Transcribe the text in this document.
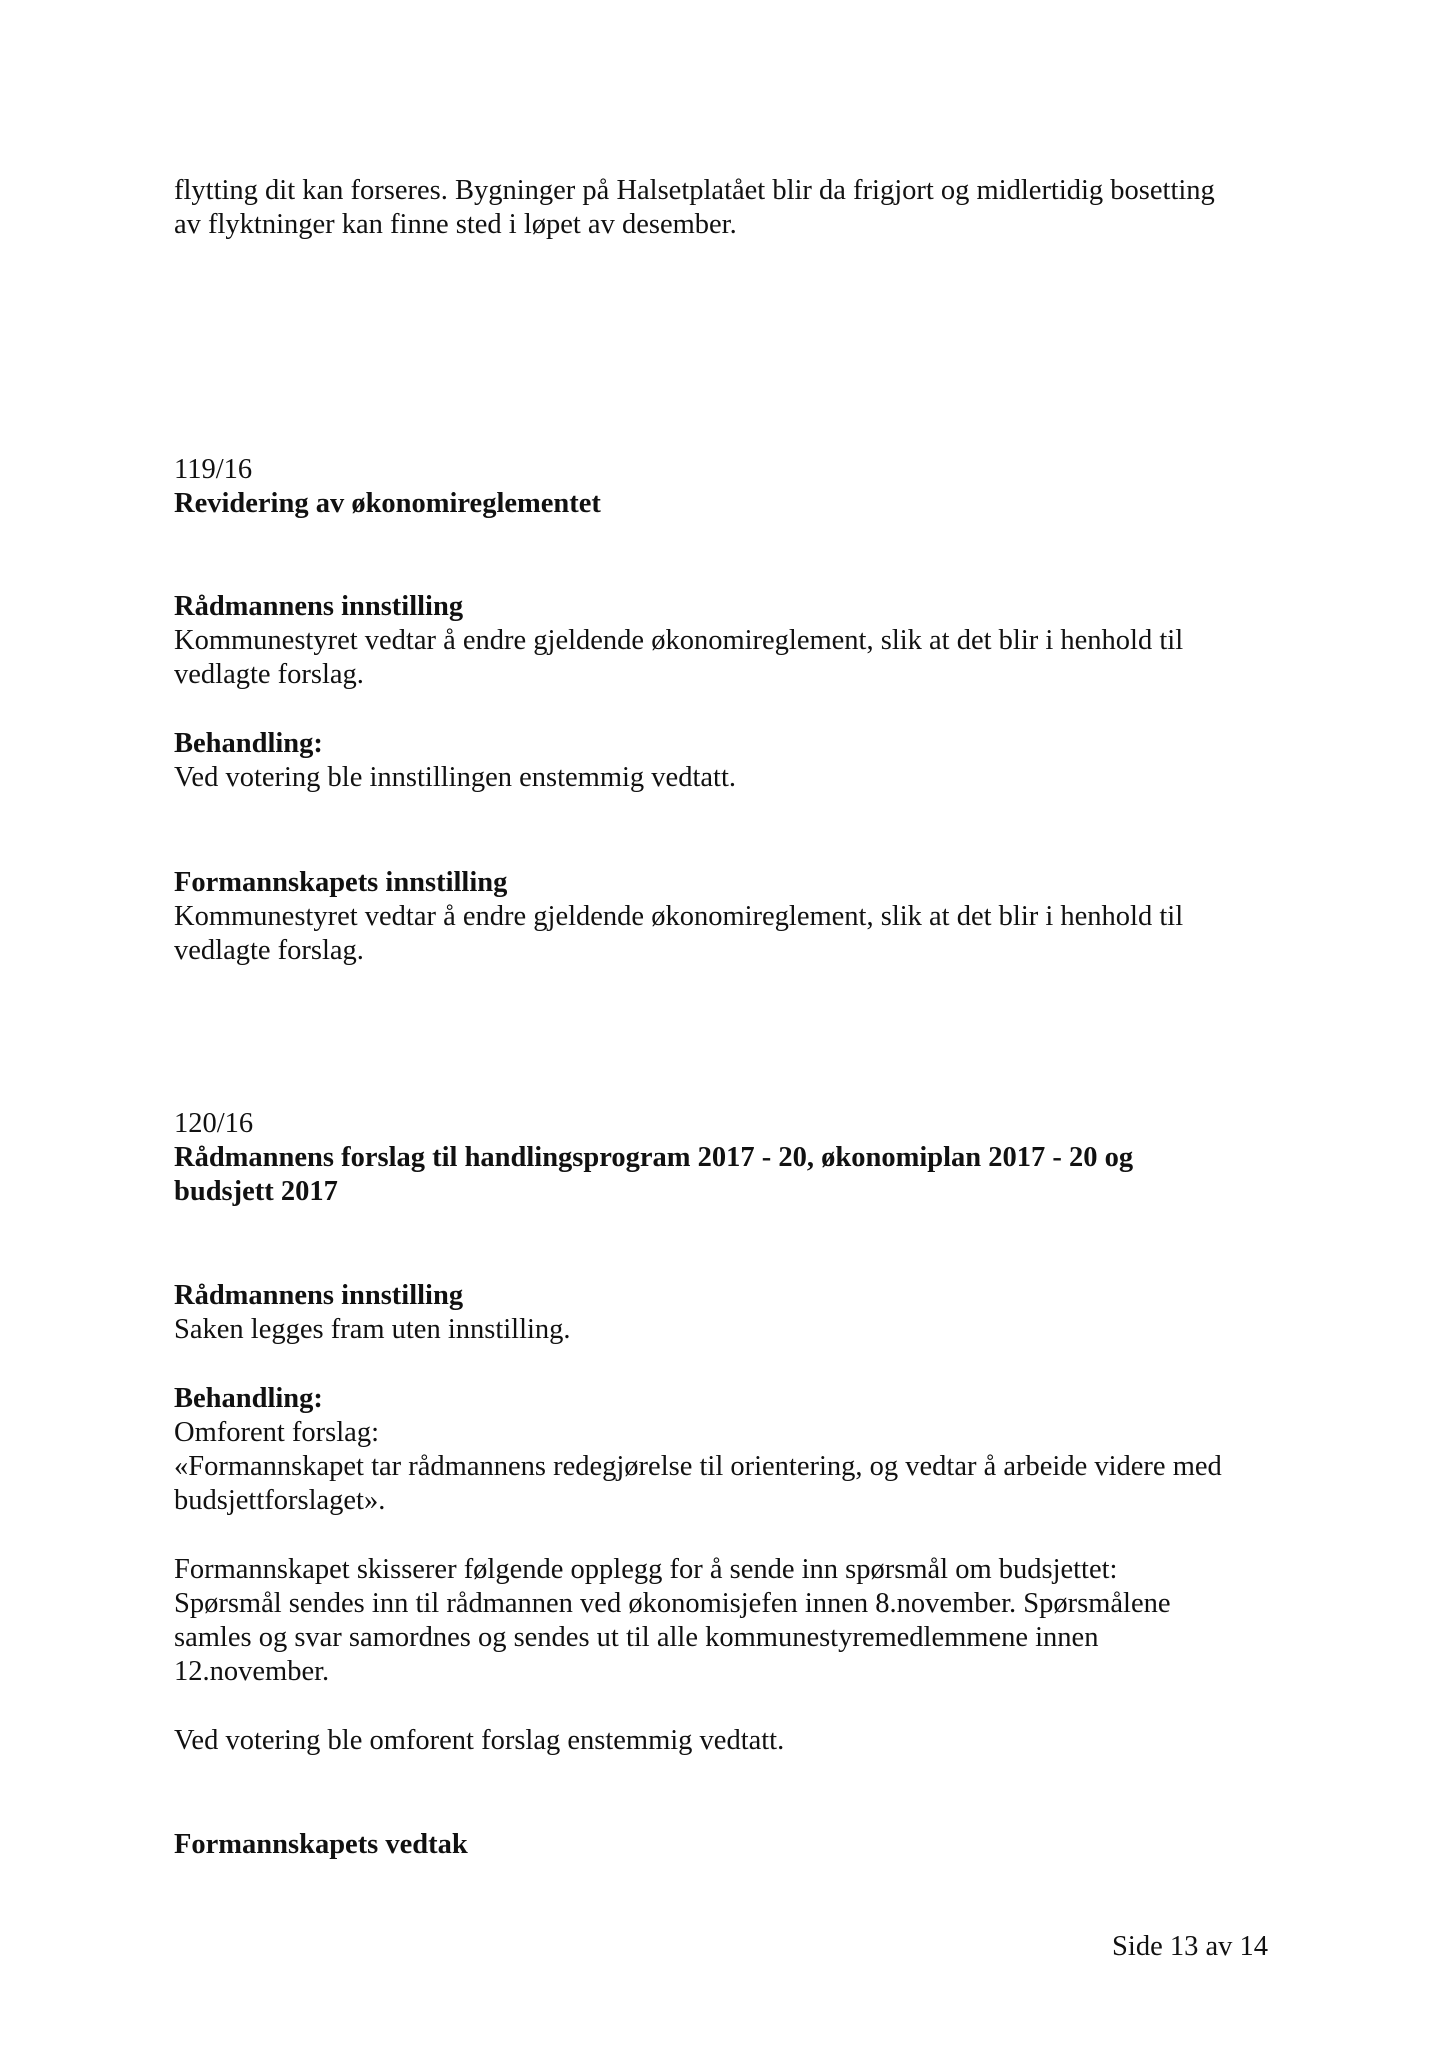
flytting dit kan forseres. Bygninger på Halsetplatået blir da frigjort og midlertidig bosetting

av flyktninger kan finne sted i løpet av desember.

119/16

Revidering av økonomireglementet

Rådmannens innstilling

Kommunestyret vedtar å endre gjeldende økonomireglement, slik at det blir i henhold til

vedlagte forslag.

Behandling:

Ved votering ble innstillingen enstemmig vedtatt.

Formannskapets innstilling

Kommunestyret vedtar å endre gjeldende økonomireglement, slik at det blir i henhold til

vedlagte forslag.

120/16

Rådmannens forslag til handlingsprogram 2017 - 20, økonomiplan 2017 - 20 og

budsjett 2017

Rådmannens innstilling

Saken legges fram uten innstilling.

Behandling:

Omforent forslag:

«Formannskapet tar rådmannens redegjørelse til orientering, og vedtar å arbeide videre med

budsjettforslaget».

Formannskapet skisserer følgende opplegg for å sende inn spørsmål om budsjettet:

Spørsmål sendes inn til rådmannen ved økonomisjefen innen 8.november. Spørsmålene

samles og svar samordnes og sendes ut til alle kommunestyremedlemmene innen

12.november.

Ved votering ble omforent forslag enstemmig vedtatt.

Formannskapets vedtak

Side 13 av 14
